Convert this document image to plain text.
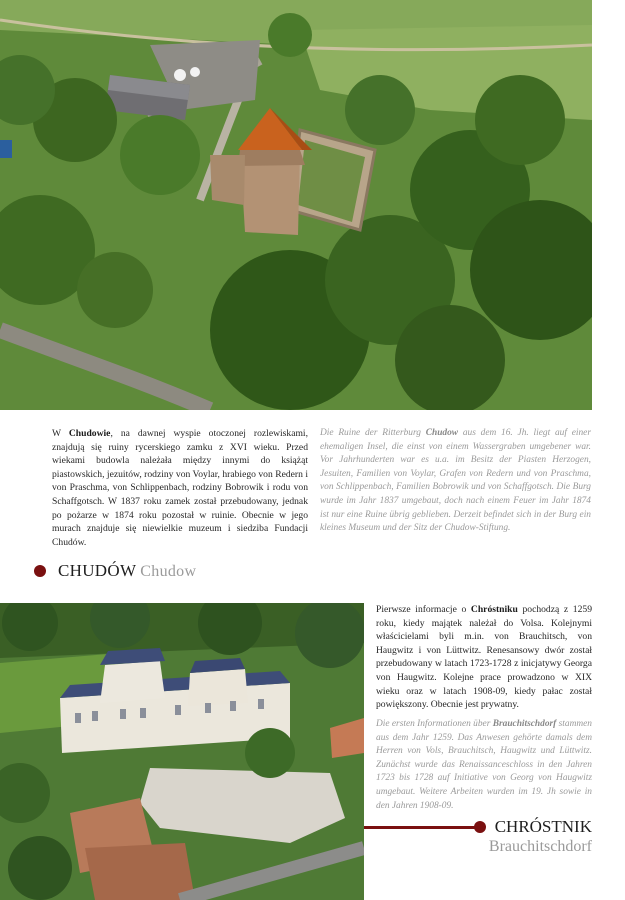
W Chudowie, na dawnej wyspie otoczonej rozlewiskami, znajdują się ruiny rycerskiego zamku z XVI wieku. Przed wiekami budowla należała między innymi do książąt piastowskich, jezuitów, rodziny von Voylar, hrabiego von Redern i von Praschma, von Schlippenbach, rodziny Bobrowik i rodu von Schaffgotsch. W 1837 roku zamek został przebudowany, jednak po pożarze w 1874 roku pozostał w ruinie. Obecnie w jego murach znajduje się niewielkie muzeum i siedziba Fundacji Chudów.
Die Ruine der Ritterburg Chudow aus dem 16. Jh. liegt auf einer ehemaligen Insel, die einst von einem Wassergraben umgebener war. Vor Jahrhunderten war es u.a. im Besitz der Piasten Herzogen, Jesuiten, Familien von Voylar, Grafen von Redern und von Praschma, von Schlippenbach, Familien Bobrowik und von Schaffgotsch. Die Burg wurde im Jahr 1837 umgebaut, doch nach einem Feuer im Jahr 1874 ist nur eine Ruine übrig geblieben. Derzeit befindet sich in der Burg ein kleines Museum und der Sitz der Chudow-Stiftung.
CHUDÓW Chudow
Pierwsze informacje o Chróstniku pochodzą z 1259 roku, kiedy majątek należał do Volsa. Kolejnymi właścicielami byli m.in. von Brauchitsch, von Haugwitz i von Lüttwitz. Renesansowy dwór został przebudowany w latach 1723-1728 z inicjatywy Georga von Haugwitz. Kolejne prace prowadzono w XIX wieku oraz w latach 1908-09, kiedy pałac został powiększony. Obecnie jest prywatny.
Die ersten Informationen über Brauchitschdorf stammen aus dem Jahr 1259. Das Anwesen gehörte damals dem Herren von Vols, Brauchitsch, Haugwitz und Lüttwitz. Zunächst wurde das Renaissanceschloss in den Jahren 1723 bis 1728 auf Initiative von Georg von Haugwitz umgebaut. Weitere Arbeiten wurden im 19. Jh sowie in den Jahren 1908-09.
CHRÓSTNIK
Brauchitschdorf
